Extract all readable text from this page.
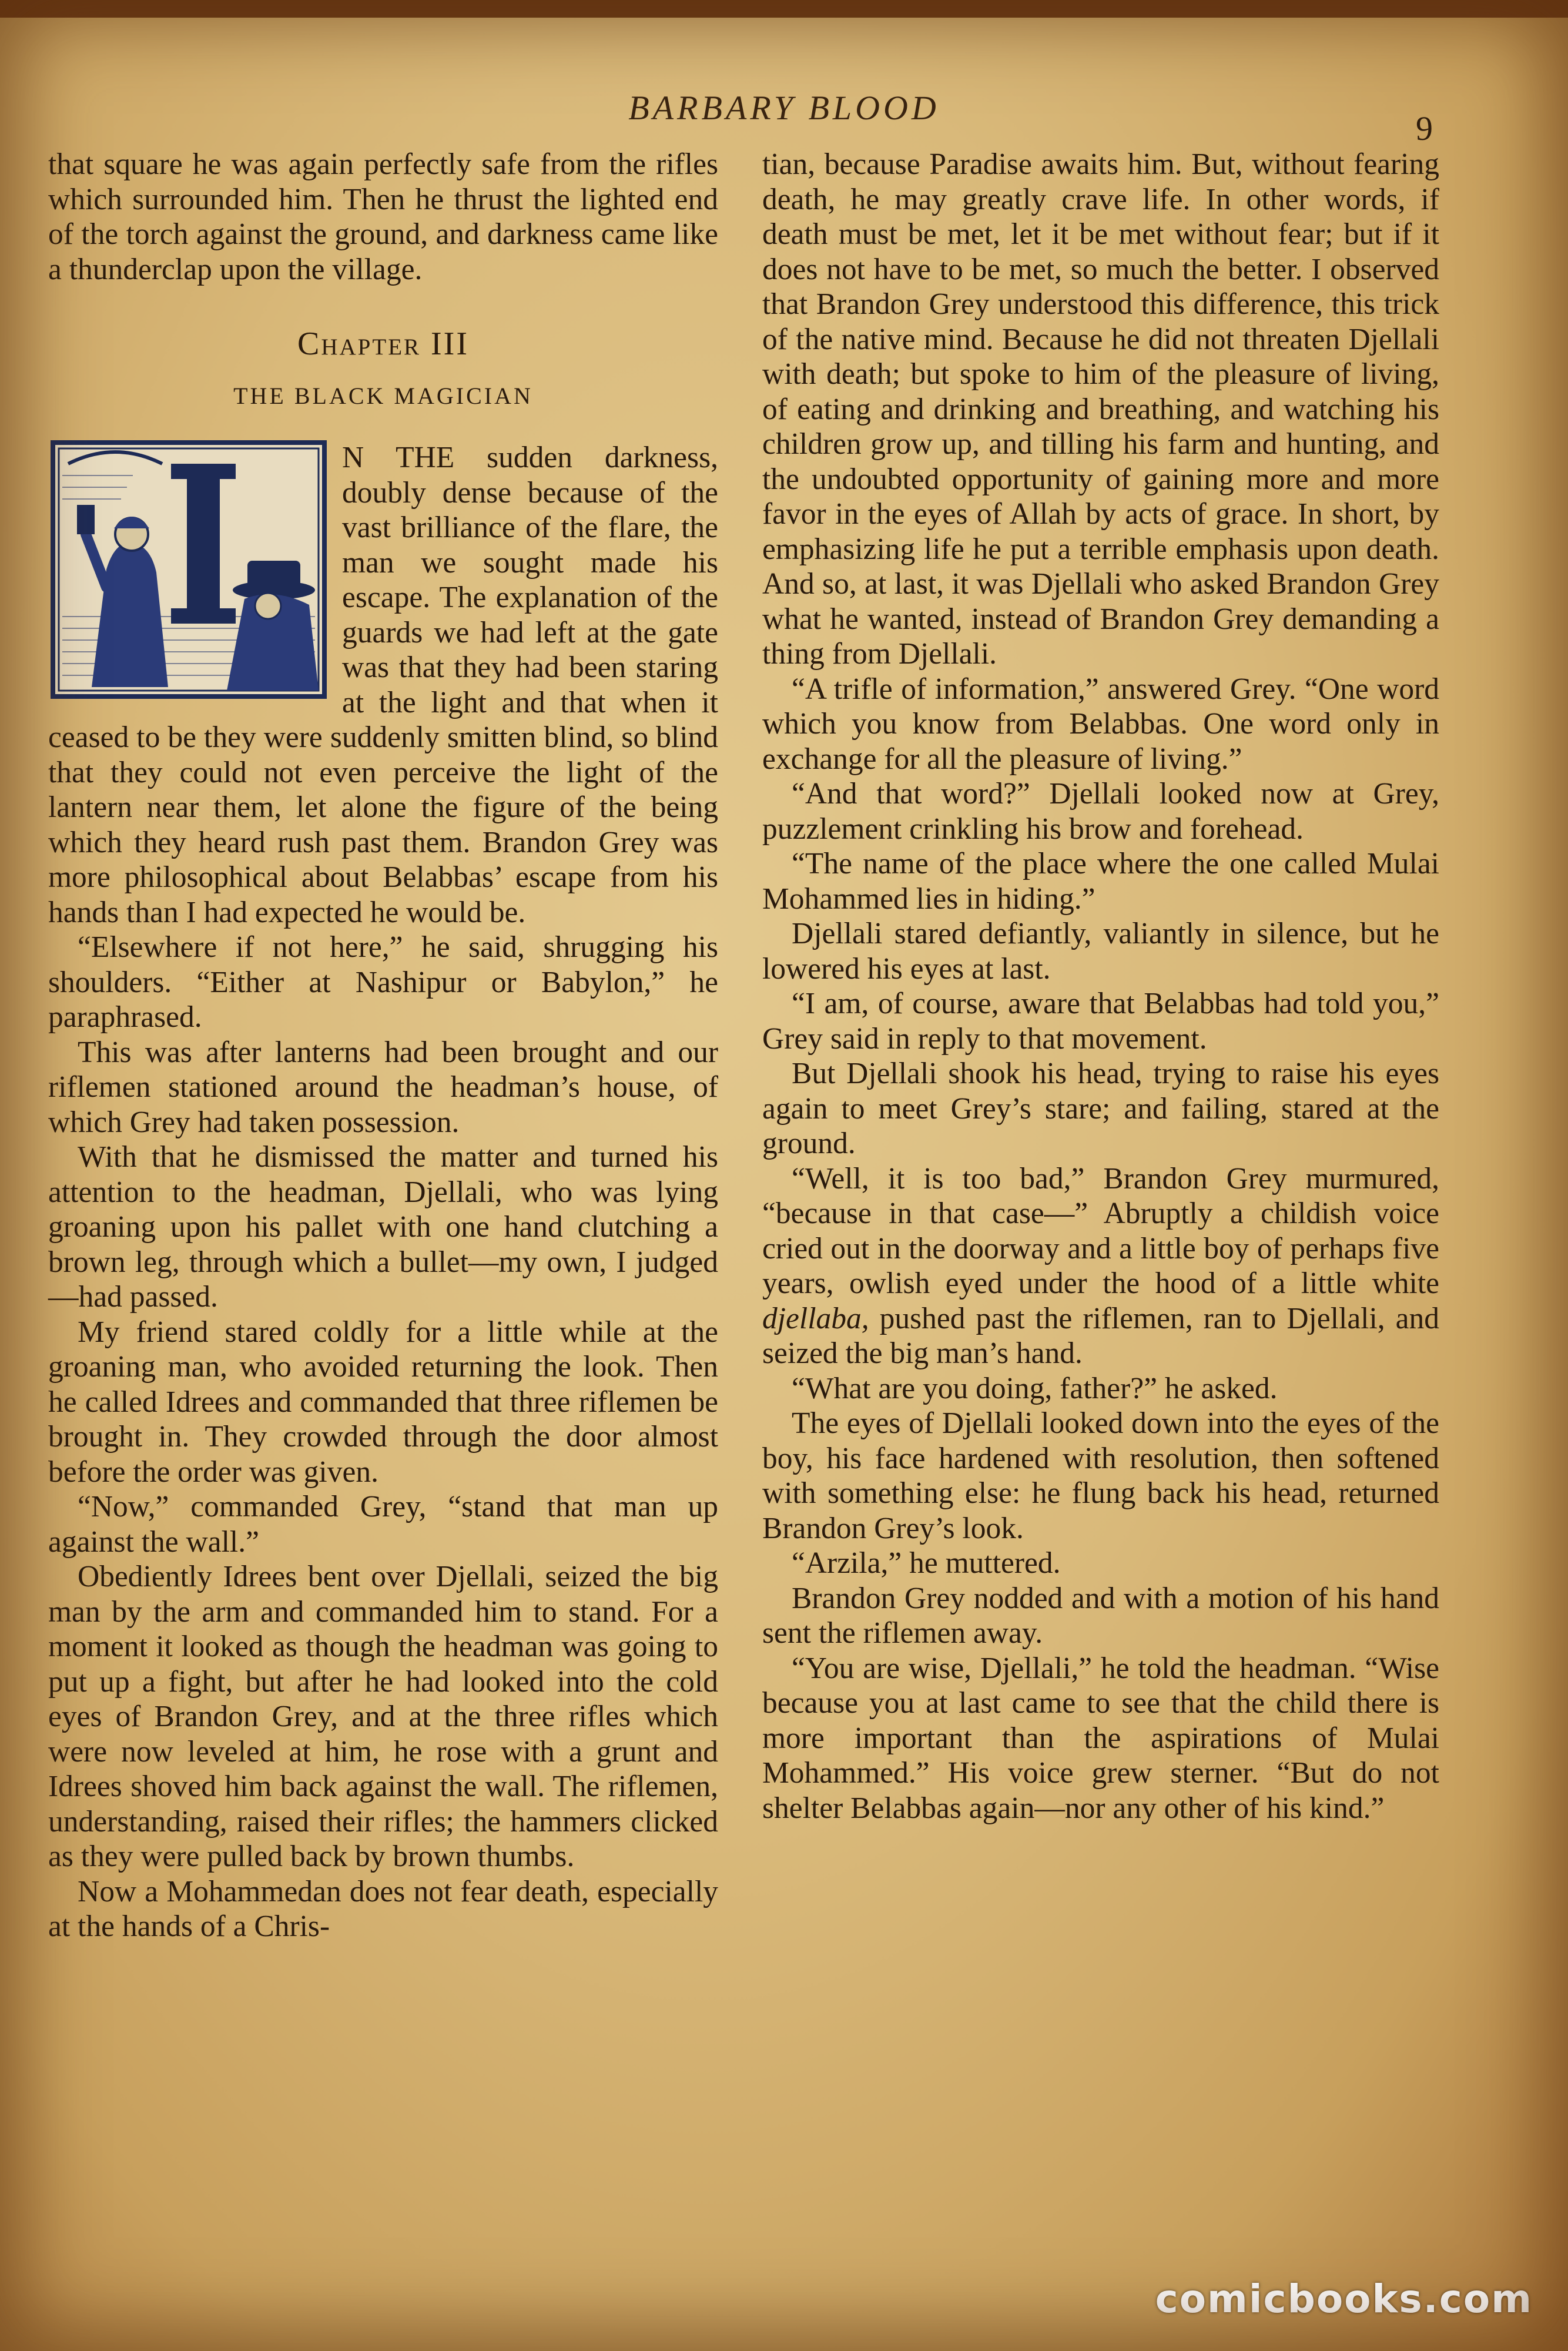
BARBARY BLOOD
9

that square he was again perfectly safe from the rifles which surrounded him. Then he thrust the lighted end of the torch against the ground, and darkness came like a thunderclap upon the village.

Chapter III
THE BLACK MAGICIAN

N THE sudden darkness, doubly dense because of the vast brilliance of the flare, the man we sought made his escape. The explanation of the guards we had left at the gate was that they had been staring at the light and that when it ceased to be they were suddenly smitten blind, so blind that they could not even perceive the light of the lantern near them, let alone the figure of the being which they heard rush past them. Brandon Grey was more philosophical about Belabbas’ escape from his hands than I had expected he would be.

“Elsewhere if not here,” he said, shrugging his shoulders. “Either at Nashipur or Babylon,” he paraphrased.

This was after lanterns had been brought and our riflemen stationed around the headman’s house, of which Grey had taken possession.

With that he dismissed the matter and turned his attention to the headman, Djellali, who was lying groaning upon his pallet with one hand clutching a brown leg, through which a bullet—my own, I judged —had passed.

My friend stared coldly for a little while at the groaning man, who avoided returning the look. Then he called Idrees and commanded that three riflemen be brought in. They crowded through the door almost before the order was given.

“Now,” commanded Grey, “stand that man up against the wall.”

Obediently Idrees bent over Djellali, seized the big man by the arm and commanded him to stand. For a moment it looked as though the headman was going to put up a fight, but after he had looked into the cold eyes of Brandon Grey, and at the three rifles which were now leveled at him, he rose with a grunt and Idrees shoved him back against the wall. The riflemen, understanding, raised their rifles; the hammers clicked as they were pulled back by brown thumbs.

Now a Mohammedan does not fear death, especially at the hands of a Chris-

tian, because Paradise awaits him. But, without fearing death, he may greatly crave life. In other words, if death must be met, let it be met without fear; but if it does not have to be met, so much the better. I observed that Brandon Grey understood this difference, this trick of the native mind. Because he did not threaten Djellali with death; but spoke to him of the pleasure of living, of eating and drinking and breathing, and watching his children grow up, and tilling his farm and hunting, and the undoubted opportunity of gaining more and more favor in the eyes of Allah by acts of grace. In short, by emphasizing life he put a terrible emphasis upon death. And so, at last, it was Djellali who asked Brandon Grey what he wanted, instead of Brandon Grey demanding a thing from Djellali.

“A trifle of information,” answered Grey. “One word which you know from Belabbas. One word only in exchange for all the pleasure of living.”

“And that word?” Djellali looked now at Grey, puzzlement crinkling his brow and forehead.

“The name of the place where the one called Mulai Mohammed lies in hiding.”

Djellali stared defiantly, valiantly in silence, but he lowered his eyes at last.

“I am, of course, aware that Belabbas had told you,” Grey said in reply to that movement.

But Djellali shook his head, trying to raise his eyes again to meet Grey’s stare; and failing, stared at the ground.

“Well, it is too bad,” Brandon Grey murmured, “because in that case—” Abruptly a childish voice cried out in the doorway and a little boy of perhaps five years, owlish eyed under the hood of a little white djellaba, pushed past the riflemen, ran to Djellali, and seized the big man’s hand.

“What are you doing, father?” he asked.

The eyes of Djellali looked down into the eyes of the boy, his face hardened with resolution, then softened with something else: he flung back his head, returned Brandon Grey’s look.

“Arzila,” he muttered.

Brandon Grey nodded and with a motion of his hand sent the riflemen away.

“You are wise, Djellali,” he told the headman. “Wise because you at last came to see that the child there is more important than the aspirations of Mulai Mohammed.” His voice grew sterner. “But do not shelter Belabbas again—nor any other of his kind.”

comicbooks.com
